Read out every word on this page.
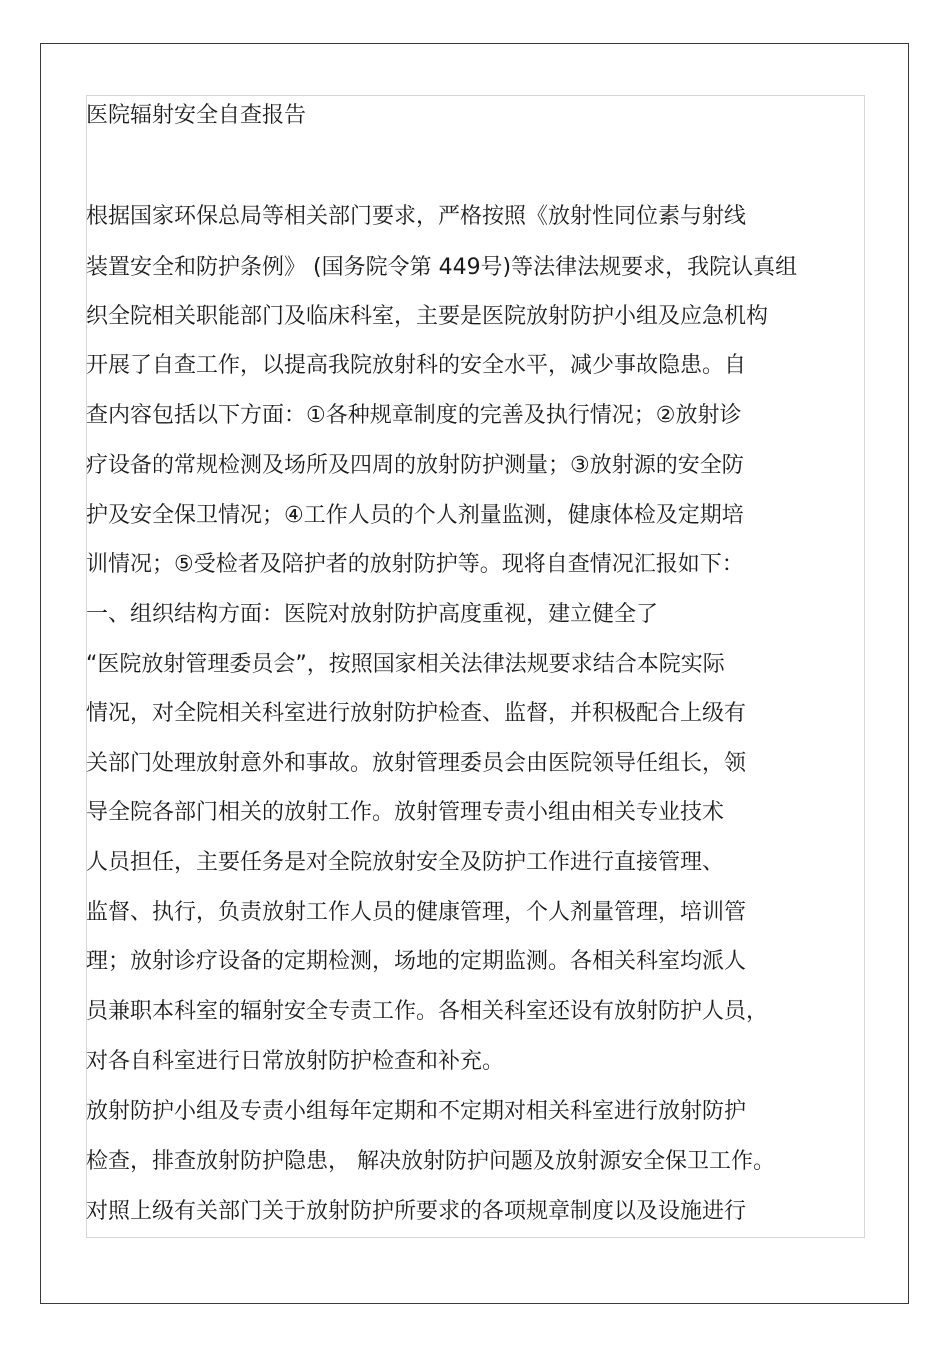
医院辐射安全自查报告
根据国家环保总局等相关部门要求，严格按照《放射性同位素与射线
装置安全和防护条例》 (国务院令第 449号)等法律法规要求，我院认真组
织全院相关职能部门及临床科室，主要是医院放射防护小组及应急机构
开展了自查工作，以提高我院放射科的安全水平，减少事故隐患。自
查内容包括以下方面：①各种规章制度的完善及执行情况；②放射诊
疗设备的常规检测及场所及四周的放射防护测量；③放射源的安全防
护及安全保卫情况；④工作人员的个人剂量监测，健康体检及定期培
训情况；⑤受检者及陪护者的放射防护等。现将自查情况汇报如下：
一、组织结构方面：医院对放射防护高度重视，建立健全了
“医院放射管理委员会”，按照国家相关法律法规要求结合本院实际
情况，对全院相关科室进行放射防护检查、监督，并积极配合上级有
关部门处理放射意外和事故。放射管理委员会由医院领导任组长，领
导全院各部门相关的放射工作。放射管理专责小组由相关专业技术
人员担任，主要任务是对全院放射安全及防护工作进行直接管理、
监督、执行，负责放射工作人员的健康管理，个人剂量管理，培训管
理；放射诊疗设备的定期检测，场地的定期监测。各相关科室均派人
员兼职本科室的辐射安全专责工作。各相关科室还设有放射防护人员，
对各自科室进行日常放射防护检查和补充。
放射防护小组及专责小组每年定期和不定期对相关科室进行放射防护
检查，排查放射防护隐患， 解决放射防护问题及放射源安全保卫工作。
对照上级有关部门关于放射防护所要求的各项规章制度以及设施进行
